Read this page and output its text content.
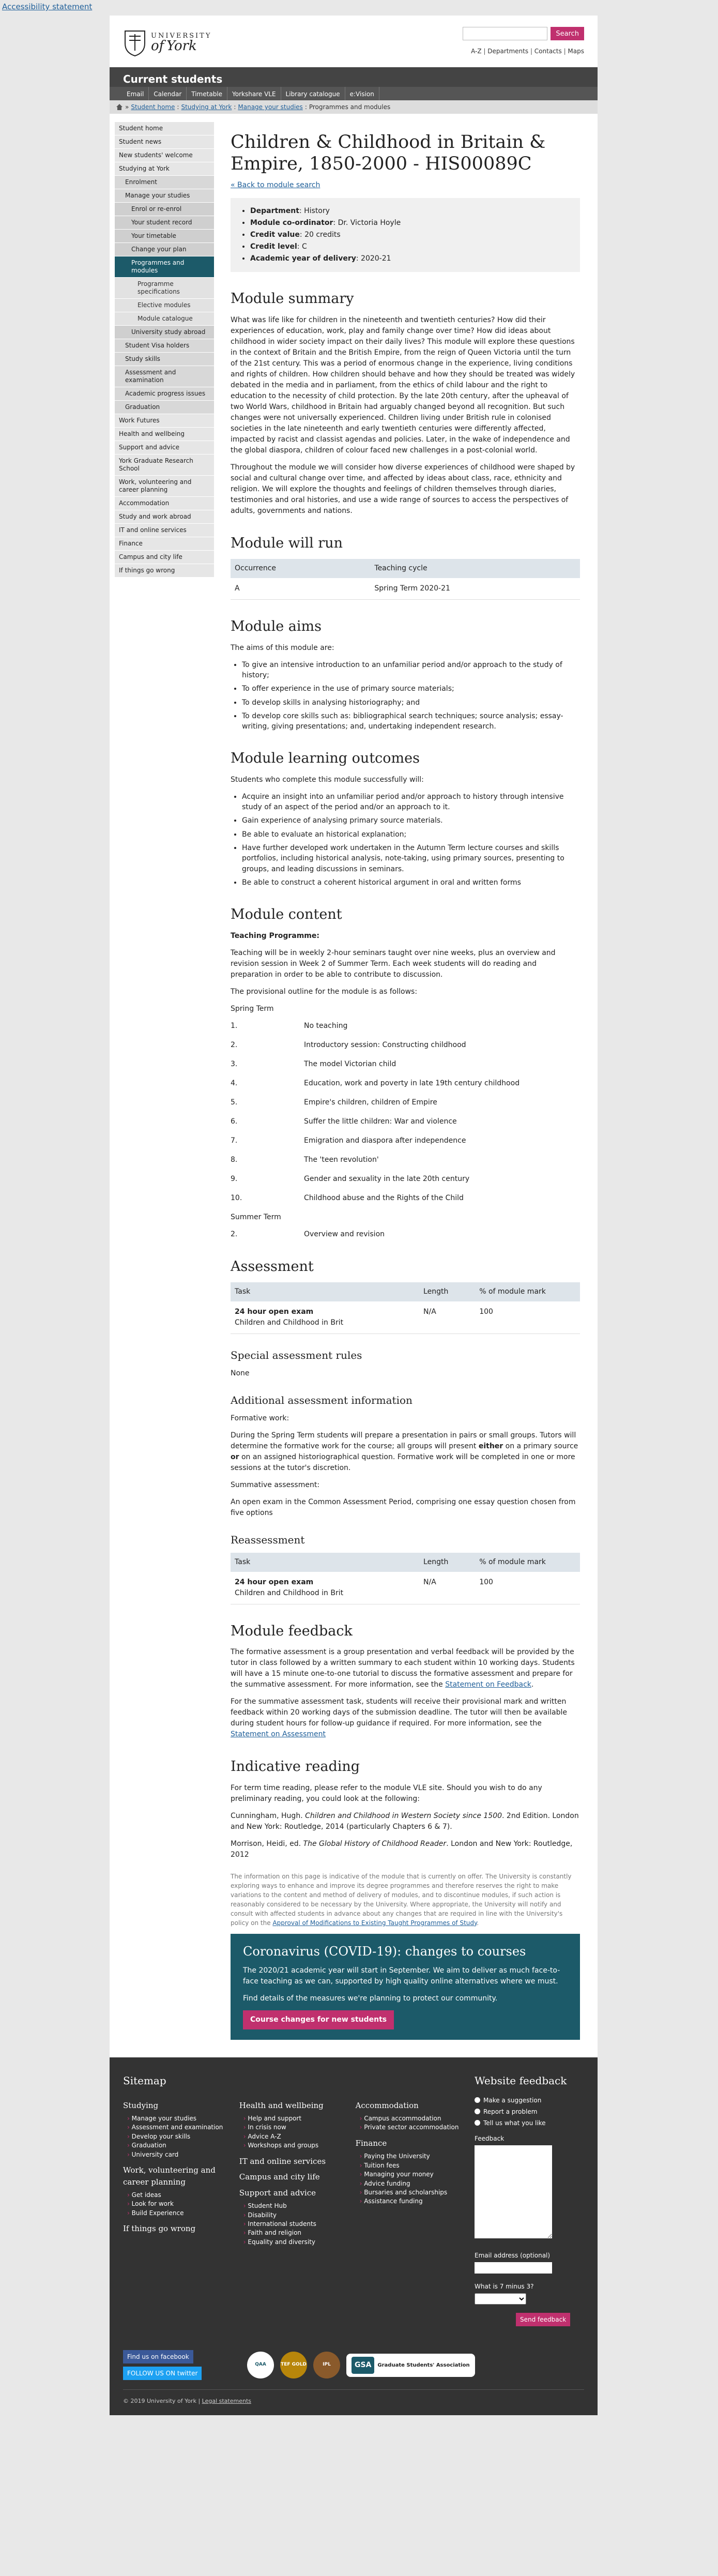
Accessibility statement
UNIVERSITY
of York
Search
A-Z | Departments | Contacts | Maps
Current students
Email	Calendar	Timetable	Yorkshare VLE	Library catalogue	e:Vision
» Student home : Studying at York : Manage your studies : Programmes and modules
Student home
Student news
New students' welcome
Studying at York
Enrolment
Manage your studies
Enrol or re-enrol
Your student record
Your timetable
Change your plan
Programmes and modules
Programme specifications
Elective modules
Module catalogue
University study abroad
Student Visa holders
Study skills
Assessment and examination
Academic progress issues
Graduation
Work Futures
Health and wellbeing
Support and advice
York Graduate Research School
Work, volunteering and career planning
Accommodation
Study and work abroad
IT and online services
Finance
Campus and city life
If things go wrong
Children & Childhood in Britain & Empire, 1850-2000 - HIS00089C
« Back to module search
• Department: History
• Module co-ordinator: Dr. Victoria Hoyle
• Credit value: 20 credits
• Credit level: C
• Academic year of delivery: 2020-21
Module summary

What was life like for children in the nineteenth and twentieth centuries? How did their experiences of education, work, play and family change over time? How did ideas about childhood in wider society impact on their daily lives? This module will explore these questions in the context of Britain and the British Empire, from the reign of Queen Victoria until the turn of the 21st century. This was a period of enormous change in the experience, living conditions and rights of children. How children should behave and how they should be treated was widely debated in the media and in parliament, from the ethics of child labour and the right to education to the necessity of child protection. By the late 20th century, after the upheaval of two World Wars, childhood in Britain had arguably changed beyond all recognition. But such changes were not universally experienced. Children living under British rule in colonised societies in the late nineteenth and early twentieth centuries were differently affected, impacted by racist and classist agendas and policies. Later, in the wake of independence and the global diaspora, children of colour faced new challenges in a post-colonial world.

Throughout the module we will consider how diverse experiences of childhood were shaped by social and cultural change over time, and affected by ideas about class, race, ethnicity and religion. We will explore the thoughts and feelings of children themselves through diaries, testimonies and oral histories, and use a wide range of sources to access the perspectives of adults, governments and nations.

Module will run
Occurrence	Teaching cycle
A	Spring Term 2020-21
Module aims

The aims of this module are:

• To give an intensive introduction to an unfamiliar period and/or approach to the study of history;
• To offer experience in the use of primary source materials;
• To develop skills in analysing historiography; and
• To develop core skills such as: bibliographical search techniques; source analysis; essay-writing, giving presentations; and, undertaking independent research.
Module learning outcomes

Students who complete this module successfully will:

• Acquire an insight into an unfamiliar period and/or approach to history through intensive study of an aspect of the period and/or an approach to it.
• Gain experience of analysing primary source materials.
• Be able to evaluate an historical explanation;
• Have further developed work undertaken in the Autumn Term lecture courses and skills portfolios, including historical analysis, note-taking, using primary sources, presenting to groups, and leading discussions in seminars.
• Be able to construct a coherent historical argument in oral and written forms
Module content

Teaching Programme:

Teaching will be in weekly 2-hour seminars taught over nine weeks, plus an overview and revision session in Week 2 of Summer Term. Each week students will do reading and preparation in order to be able to contribute to discussion.

The provisional outline for the module is as follows:

Spring Term

1.	No teaching
2.	Introductory session: Constructing childhood
3.	The model Victorian child
4.	Education, work and poverty in late 19th century childhood
5.	Empire's children, children of Empire
6.	Suffer the little children: War and violence
7.	Emigration and diaspora after independence
8.	The 'teen revolution'
9.	Gender and sexuality in the late 20th century
10.	Childhood abuse and the Rights of the Child

Summer Term

2.	Overview and revision
Assessment
Task	Length	% of module mark
24 hour open exam
Children and Childhood in Brit	N/A	100
Special assessment rules

None

Additional assessment information

Formative work:

During the Spring Term students will prepare a presentation in pairs or small groups. Tutors will determine the formative work for the course; all groups will present either on a primary source or on an assigned historiographical question. Formative work will be completed in one or more sessions at the tutor's discretion.

Summative assessment:

An open exam in the Common Assessment Period, comprising one essay question chosen from five options

Reassessment
Task	Length	% of module mark
24 hour open exam
Children and Childhood in Brit	N/A	100
Module feedback

The formative assessment is a group presentation and verbal feedback will be provided by the tutor in class followed by a written summary to each student within 10 working days. Students will have a 15 minute one-to-one tutorial to discuss the formative assessment and prepare for the summative assessment. For more information, see the Statement on Feedback.

For the summative assessment task, students will receive their provisional mark and written feedback within 20 working days of the submission deadline. The tutor will then be available during student hours for follow-up guidance if required. For more information, see the Statement on Assessment

Indicative reading

For term time reading, please refer to the module VLE site. Should you wish to do any preliminary reading, you could look at the following:

Cunningham, Hugh. Children and Childhood in Western Society since 1500. 2nd Edition. London and New York: Routledge, 2014 (particularly Chapters 6 & 7).

Morrison, Heidi, ed. The Global History of Childhood Reader. London and New York: Routledge, 2012

The information on this page is indicative of the module that is currently on offer. The University is constantly exploring ways to enhance and improve its degree programmes and therefore reserves the right to make variations to the content and method of delivery of modules, and to discontinue modules, if such action is reasonably considered to be necessary by the University. Where appropriate, the University will notify and consult with affected students in advance about any changes that are required in line with the University's policy on the Approval of Modifications to Existing Taught Programmes of Study.
Coronavirus (COVID-19): changes to courses

The 2020/21 academic year will start in September. We aim to deliver as much face-to-face teaching as we can, supported by high quality online alternatives where we must.

Find details of the measures we're planning to protect our community.

Course changes for new students
Sitemap
Studying
› Manage your studies
› Assessment and examination
› Develop your skills
› Graduation
› University card
Work, volunteering and career planning
› Get ideas
› Look for work
› Build Experience
If things go wrong

Health and wellbeing
› Help and support
› In crisis now
› Advice A-Z
› Workshops and groups
IT and online services
Campus and city life
Support and advice
› Student Hub
› Disability
› International students
› Faith and religion
› Equality and diversity

Accommodation
› Campus accommodation
› Private sector accommodation
Finance
› Paying the University
› Tuition fees
› Managing your money
› Advice funding
› Bursaries and scholarships
› Assistance funding
Website feedback
Make a suggestion
Report a problem
Tell us what you like
Feedback
Email address (optional)
What is 7 minus 3?
Send feedback
Find us on facebook
FOLLOW US ON twitter
QAA	TEF GOLD	IPL	GSA	Graduate Students' Association
© 2019 University of York | Legal statements
